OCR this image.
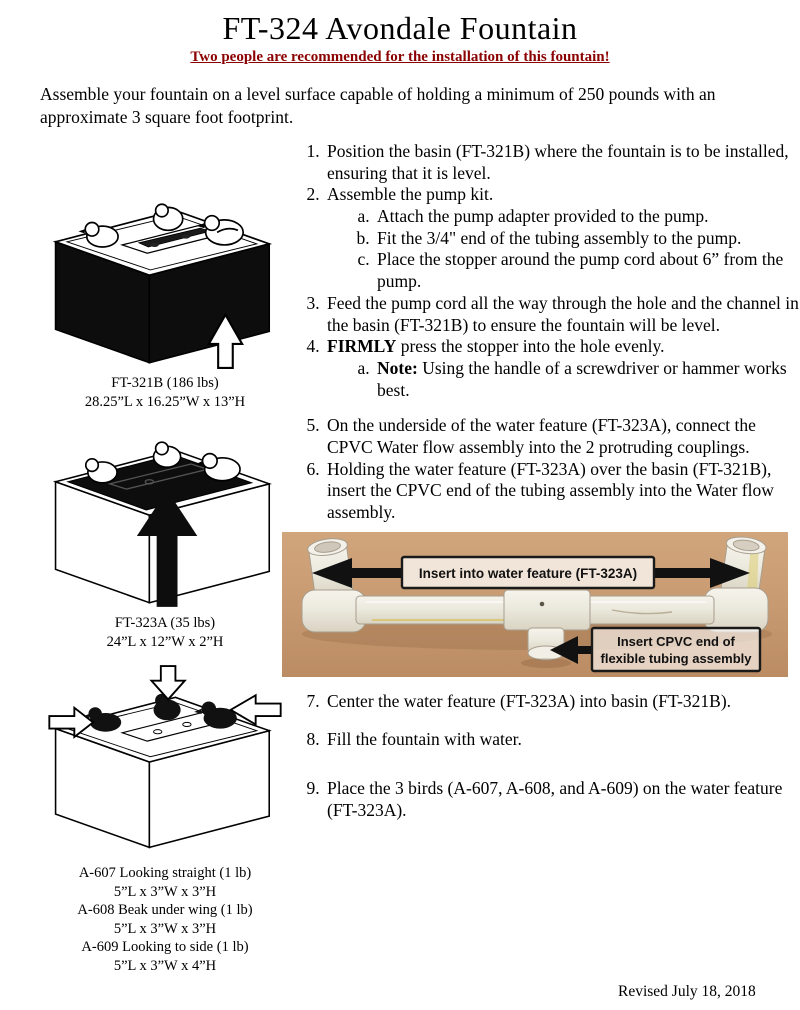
FT-324 Avondale Fountain
Two people are recommended for the installation of this fountain!

Assemble your fountain on a level surface capable of holding a minimum of 250 pounds with an approximate 3 square foot footprint.

FT-321B (186 lbs)

28.25”L x 16.25”W x 13”H

FT-323A (35 lbs)

24”L x 12”W x 2”H

A-607 Looking straight (1 lb)

5”L x 3”W x 3”H

A-608 Beak under wing (1 lb)

5”L x 3”W x 3”H

A-609 Looking to side (1 lb)

5”L x 3”W x 4”H

1. Position the basin (FT-321B) where the fountain is to be installed, ensuring that it is level.
2. Assemble the pump kit.
a. Attach the pump adapter provided to the pump.
b. Fit the 3/4" end of the tubing assembly to the pump.
c. Place the stopper around the pump cord about 6” from the pump.
3. Feed the pump cord all the way through the hole and the channel in the basin (FT-321B) to ensure the fountain will be level.
4. FIRMLY press the stopper into the hole evenly.
a. Note: Using the handle of a screwdriver or hammer works best.
5. On the underside of the water feature (FT-323A), connect the CPVC Water flow assembly into the 2 protruding couplings.
6. Holding the water feature (FT-323A) over the basin (FT-321B), insert the CPVC end of the tubing assembly into the Water flow assembly.
Insert into water feature (FT-323A)
Insert CPVC end of
flexible tubing assembly
7. Center the water feature (FT-323A) into basin (FT-321B).
8. Fill the fountain with water.
9. Place the 3 birds (A-607, A-608, and A-609) on the water feature (FT-323A).
Revised July 18, 2018
